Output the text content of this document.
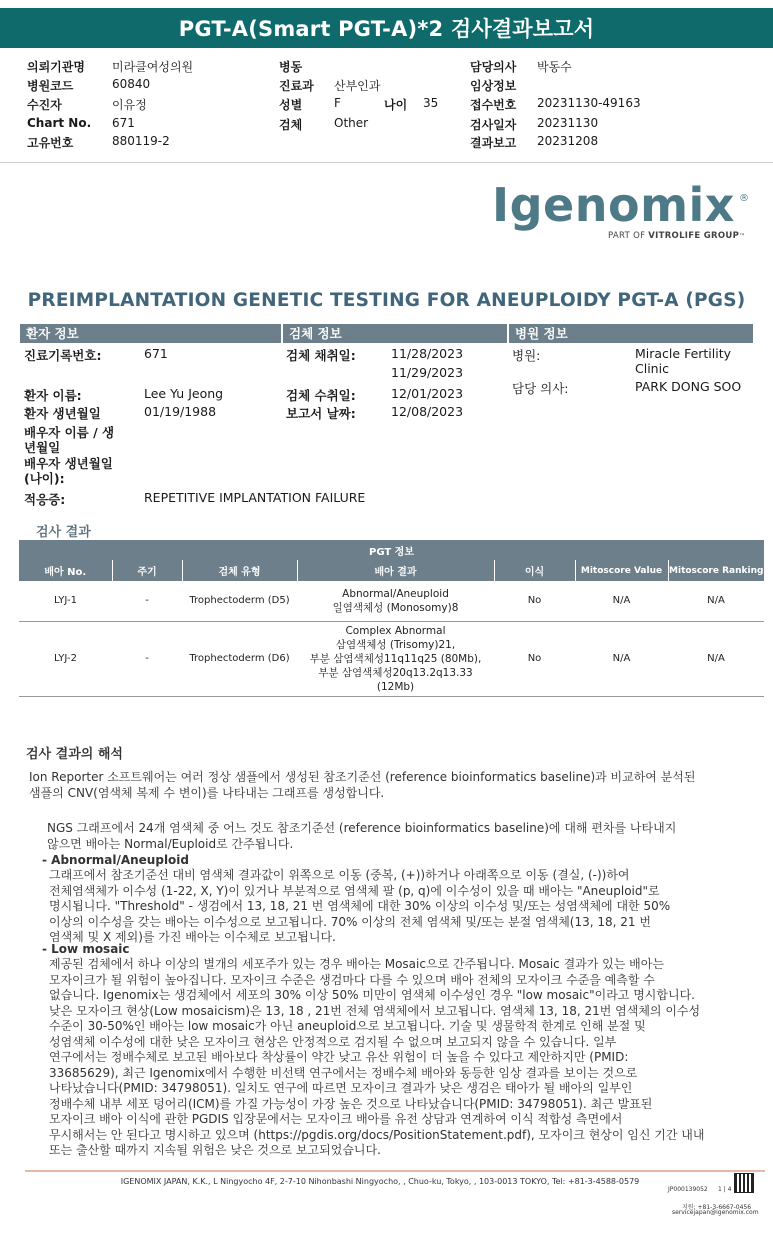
PGT-A(Smart PGT-A)*2 검사결과보고서
의뢰기관명 미라클여성의원
병원코드	60840
수진자	이유정
Chart No. 671
고유번호	880119-2
병동
진료과 산부인과
성별	F
검체	Other
담당의사 박동수
임상정보
접수번호 20231130-49163
검사일자 20231130
결과보고 20231208
나이 35
Igenomix ®
PART OF VITROLIFE GROUP™
PREIMPLANTATION GENETIC TESTING FOR ANEUPLOIDY PGT-A (PGS)
환자 정보	검체 정보	병원 정보
진료기록번호:	671
환자 이름:	Lee Yu Jeong
환자 생년월일	01/19/1988
배우자 이름 / 생년월일
배우자 생년월일 (나이):
적응증:	REPETITIVE IMPLANTATION FAILURE
검체 채취일:	11/28/2023
11/29/2023
검체 수취일:	12/01/2023
보고서 날짜:	12/08/2023
병원:	Miracle Fertility
Clinic
담당 의사:	PARK DONG SOO
검사 결과
PGT 정보						
배아 No.	주기	검체 유형	배아 결과	이식	Mitoscore Value	Mitoscore Ranking
LYJ-1	-	Trophectoderm (D5)	Abnormal/Aneuploid
일염색체성 (Monosomy)8	No	N/A	N/A
LYJ-2	-	Trophectoderm (D6)	Complex Abnormal
삼염색체성 (Trisomy)21,
부분 삼염색체성11q11q25 (80Mb),
부분 삼염색체성20q13.2q13.33
(12Mb)	No	N/A	N/A
검사 결과의 해석
Ion Reporter 소프트웨어는 여러 정상 샘플에서 생성된 참조기준선 (reference bioinformatics baseline)과 비교하여 분석된
샘플의 CNV(염색체 복제 수 변이)를 나타내는 그래프를 생성합니다.
NGS 그래프에서 24개 염색체 중 어느 것도 참조기준선 (reference bioinformatics baseline)에 대해 편차를 나타내지
않으면 배아는 Normal/Euploid로 간주됩니다.
- Abnormal/Aneuploid
그래프에서 참조기준선 대비 염색체 결과값이 위쪽으로 이동 (중복, (+))하거나 아래쪽으로 이동 (결실, (-))하여
전체염색체가 이수성 (1-22, X, Y)이 있거나 부분적으로 염색체 팔 (p, q)에 이수성이 있을 때 배아는 "Aneuploid"로
명시됩니다. "Threshold" - 생검에서 13, 18, 21 번 염색체에 대한 30% 이상의 이수성 및/또는 성염색체에 대한 50%
이상의 이수성을 갖는 배아는 이수성으로 보고됩니다. 70% 이상의 전체 염색체 및/또는 분절 염색체(13, 18, 21 번
염색체 및 X 제외)를 가진 배아는 이수체로 보고됩니다.
- Low mosaic
제공된 검체에서 하나 이상의 별개의 세포주가 있는 경우 배아는 Mosaic으로 간주됩니다. Mosaic 결과가 있는 배아는
모자이크가 될 위험이 높아집니다. 모자이크 수준은 생검마다 다를 수 있으며 배아 전체의 모자이크 수준을 예측할 수
없습니다. Igenomix는 생검체에서 세포의 30% 이상 50% 미만이 염색체 이수성인 경우 "low mosaic"이라고 명시합니다.
낮은 모자이크 현상(Low mosaicism)은 13, 18 , 21번 전체 염색체에서 보고됩니다. 염색체 13, 18, 21번 염색체의 이수성
수준이 30-50%인 배아는 low mosaic가 아닌 aneuploid으로 보고됩니다. 기술 및 생물학적 한계로 인해 분절 및
성염색체 이수성에 대한 낮은 모자이크 현상은 안정적으로 검지될 수 없으며 보고되지 않을 수 있습니다. 일부
연구에서는 정배수체로 보고된 배아보다 착상률이 약간 낮고 유산 위험이 더 높을 수 있다고 제안하지만 (PMID:
33685629), 최근 Igenomix에서 수행한 비선택 연구에서는 정배수체 배아와 동등한 임상 결과를 보이는 것으로
나타났습니다(PMID: 34798051). 일치도 연구에 따르면 모자이크 결과가 낮은 생검은 태아가 될 배아의 일부인
정배수체 내부 세포 덩어리(ICM)를 가질 가능성이 가장 높은 것으로 나타났습니다(PMID: 34798051). 최근 발표된
모자이크 배아 이식에 관한 PGDIS 입장문에서는 모자이크 배아를 유전 상담과 연계하여 이식 적합성 측면에서
무시해서는 안 된다고 명시하고 있으며 (https://pgdis.org/docs/PositionStatement.pdf), 모자이크 현상이 임신 기간 내내
또는 출산할 때까지 지속될 위험은 낮은 것으로 보고되었습니다.
IGENOMIX JAPAN, K.K., L Ningyocho 4F, 2-7-10 Nihonbashi Ningyocho, , Chuo-ku, Tokyo, , 103-0013 TOKYO, Tel: +81-3-4588-0579
JP000139052 1 | 4
지원: +81-3-6667-0456
servicejapan@igenomix.com
